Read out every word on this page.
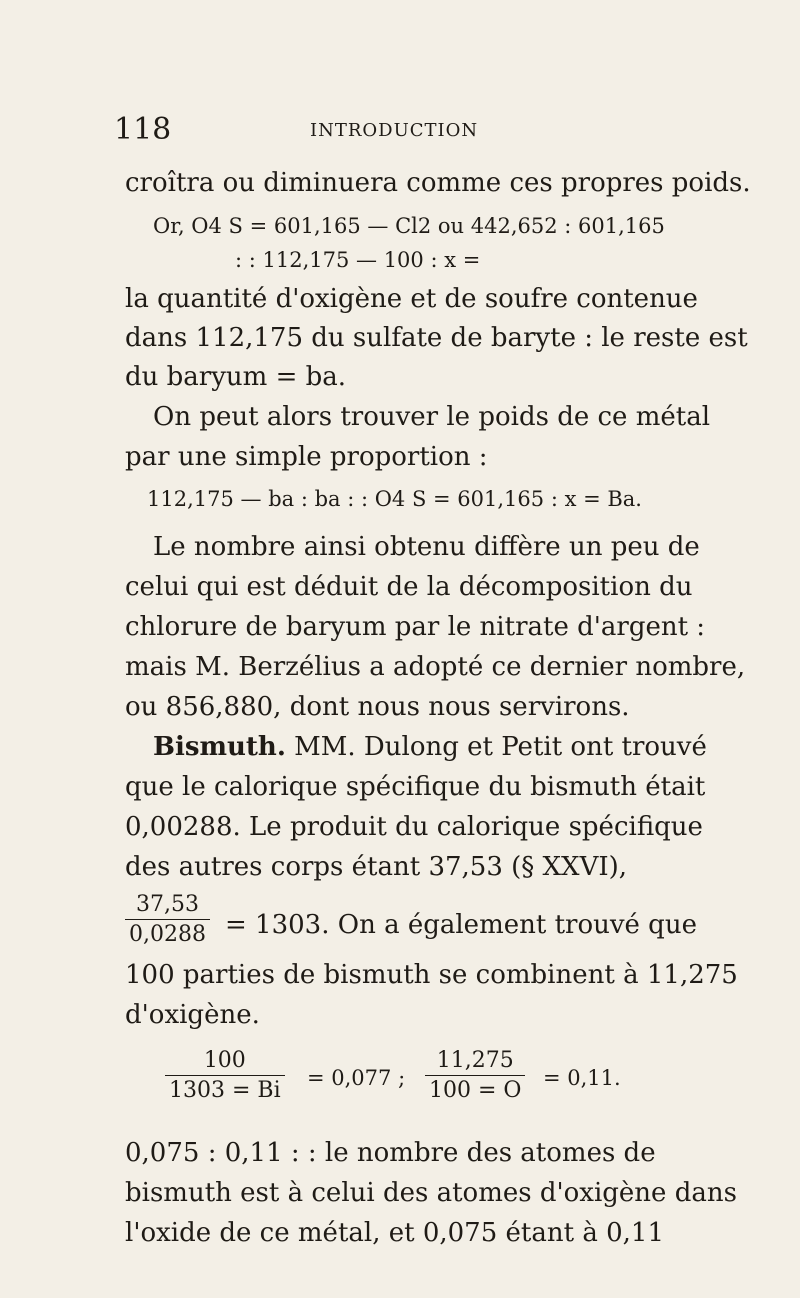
118	INTRODUCTION
croîtra ou diminuera comme ces propres poids.
Or, O4 S = 601,165 — Cl2 ou 442,652 : 601,165
: : 112,175 — 100 : x =
la quantité d'oxigène et de soufre contenue
dans 112,175 du sulfate de baryte : le reste est
du baryum = ba.
On peut alors trouver le poids de ce métal
par une simple proportion :
112,175 — ba : ba : : O4 S = 601,165 : x = Ba.
Le nombre ainsi obtenu diffère un peu de
celui qui est déduit de la décomposition du
chlorure de baryum par le nitrate d'argent :
mais M. Berzélius a adopté ce dernier nombre,
ou 856,880, dont nous nous servirons.
Bismuth. MM. Dulong et Petit ont trouvé
que le calorique spécifique du bismuth était
0,00288. Le produit du calorique spécifique
des autres corps étant 37,53 (§ XXVI),
$\frac{37,53}{0,0288} = 1303$. On a également trouvé que
100 parties de bismuth se combinent à 11,275
d'oxigène.
$\frac{100}{1303 = Bi} = 0,077$ ; $\frac{11,275}{100 = O} = 0,11$.
0,075 : 0,11 : : le nombre des atomes de
bismuth est à celui des atomes d'oxigène dans
l'oxide de ce métal, et 0,075 étant à 0,11
